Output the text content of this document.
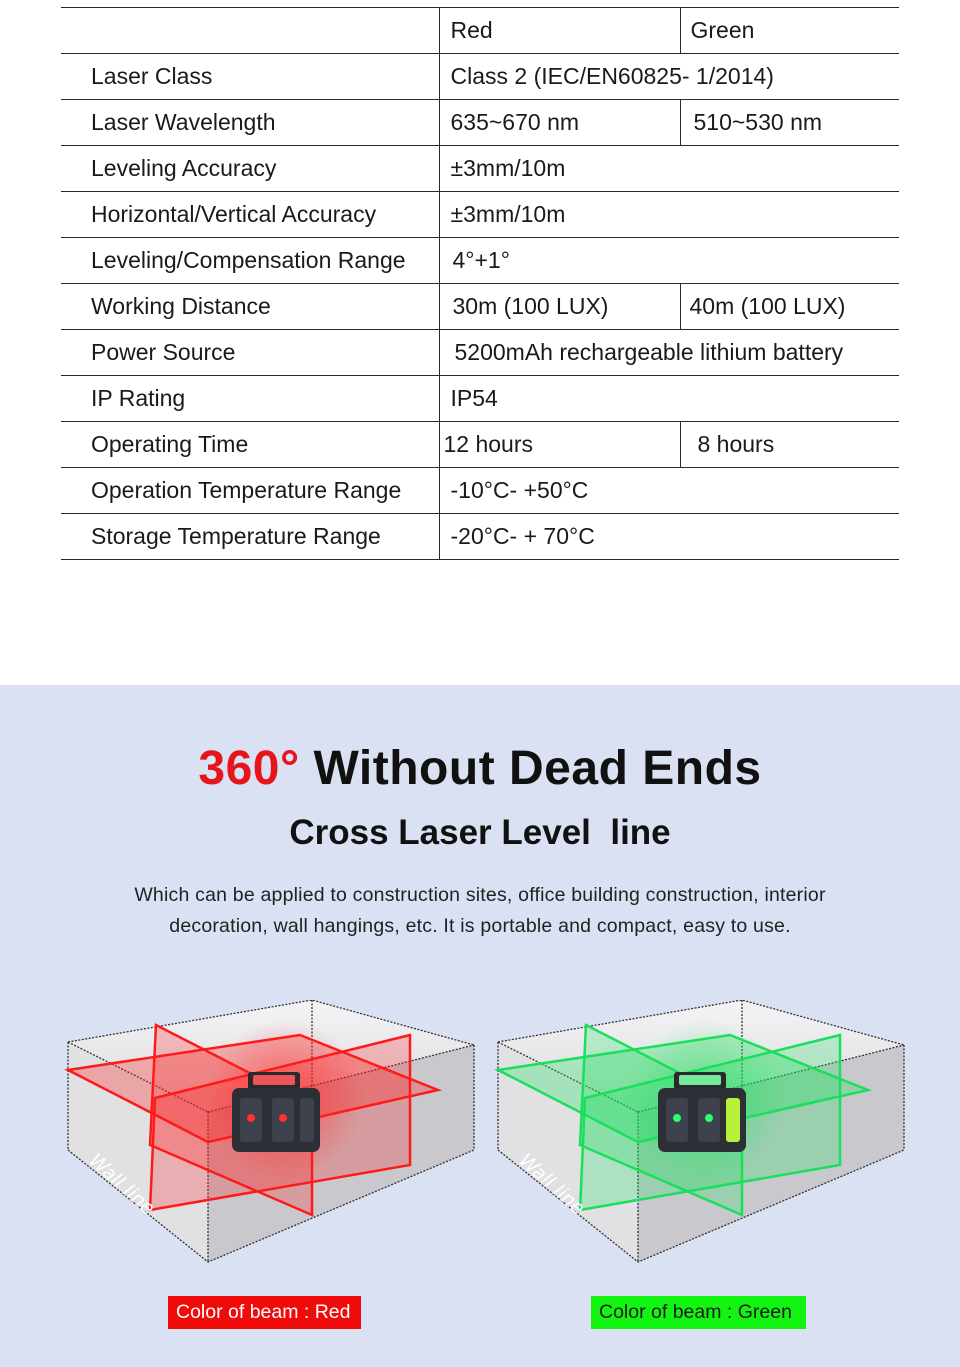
	Red	Green
Laser Class	Class 2 (IEC/EN60825- 1/2014)	
Laser Wavelength	635~670 nm	510~530 nm
Leveling Accuracy	±3mm/10m	
Horizontal/Vertical Accuracy	±3mm/10m	
Leveling/Compensation Range	4°+1°	
Working Distance	30m (100 LUX)	40m (100 LUX)
Power Source	5200mAh rechargeable lithium battery	
IP Rating	IP54	
Operating Time	12 hours	8 hours
Operation Temperature Range	-10°C- +50°C	
Storage Temperature Range	-20°C- + 70°C	
360° Without Dead Ends
Cross Laser Level  line
Which can be applied to construction sites, office building construction, interior decoration, wall hangings, etc. It is portable and compact, easy to use.
Wall line	Wall line
Color of beam : Red	Color of beam : Green
